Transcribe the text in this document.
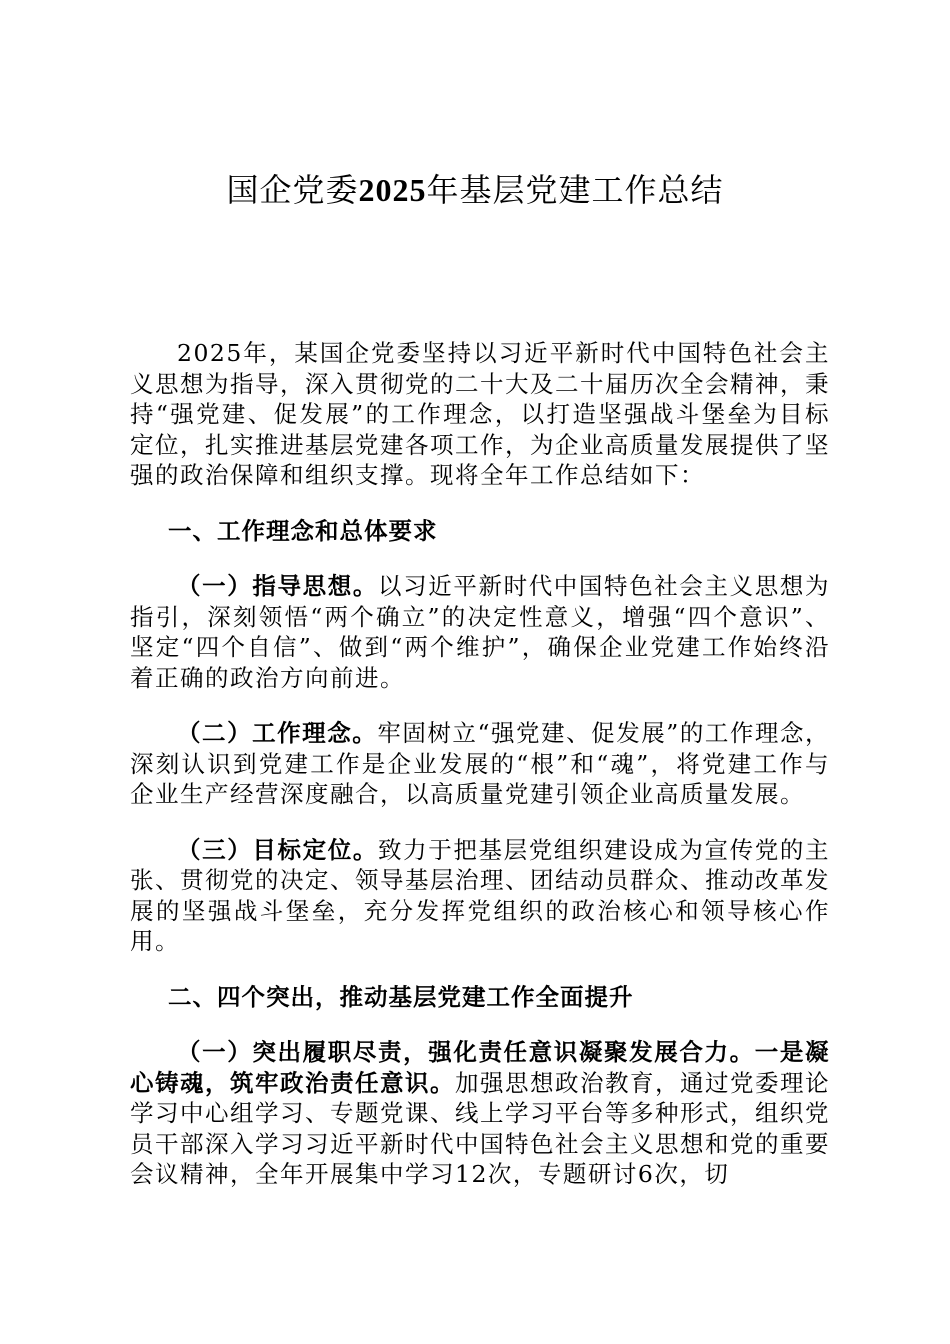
国企党委2025年基层党建工作总结

2025年，某国企党委坚持以习近平新时代中国特色社会主义思想为指导，深入贯彻党的二十大及二十届历次全会精神，秉持“强党建、促发展”的工作理念，以打造坚强战斗堡垒为目标定位，扎实推进基层党建各项工作，为企业高质量发展提供了坚强的政治保障和组织支撑。现将全年工作总结如下：

一、工作理念和总体要求

（一）指导思想。以习近平新时代中国特色社会主义思想为指引，深刻领悟“两个确立”的决定性意义，增强“四个意识”、坚定“四个自信”、做到“两个维护”，确保企业党建工作始终沿着正确的政治方向前进。

（二）工作理念。牢固树立“强党建、促发展”的工作理念，深刻认识到党建工作是企业发展的“根”和“魂”，将党建工作与企业生产经营深度融合，以高质量党建引领企业高质量发展。

（三）目标定位。致力于把基层党组织建设成为宣传党的主张、贯彻党的决定、领导基层治理、团结动员群众、推动改革发展的坚强战斗堡垒，充分发挥党组织的政治核心和领导核心作用。

二、四个突出，推动基层党建工作全面提升

（一）突出履职尽责，强化责任意识凝聚发展合力。一是凝心铸魂，筑牢政治责任意识。加强思想政治教育，通过党委理论学习中心组学习、专题党课、线上学习平台等多种形式，组织党员干部深入学习习近平新时代中国特色社会主义思想和党的重要会议精神，全年开展集中学习12次，专题研讨6次，切
